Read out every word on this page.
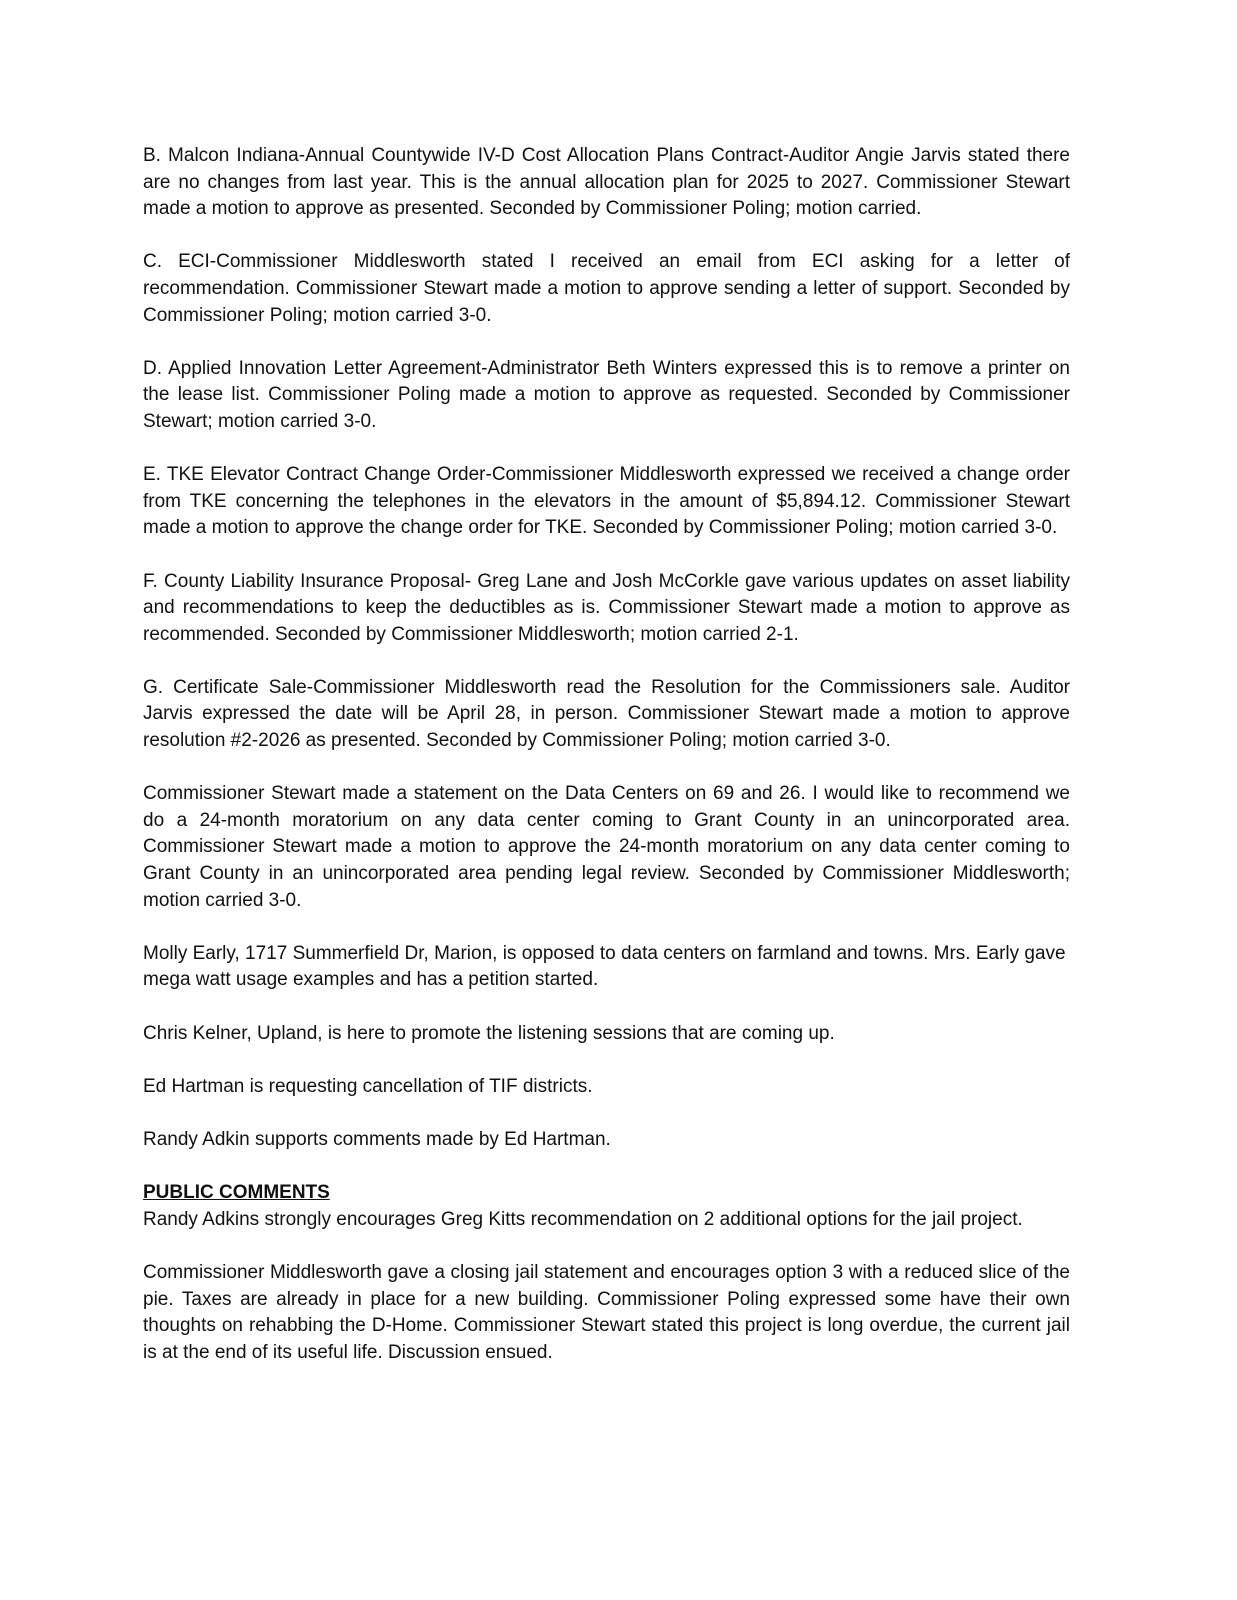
B. Malcon Indiana-Annual Countywide IV-D Cost Allocation Plans Contract-Auditor Angie Jarvis stated there are no changes from last year. This is the annual allocation plan for 2025 to 2027. Commissioner Stewart made a motion to approve as presented. Seconded by Commissioner Poling; motion carried.

C. ECI-Commissioner Middlesworth stated I received an email from ECI asking for a letter of recommendation. Commissioner Stewart made a motion to approve sending a letter of support. Seconded by Commissioner Poling; motion carried 3-0.

D. Applied Innovation Letter Agreement-Administrator Beth Winters expressed this is to remove a printer on the lease list. Commissioner Poling made a motion to approve as requested. Seconded by Commissioner Stewart; motion carried 3-0.

E. TKE Elevator Contract Change Order-Commissioner Middlesworth expressed we received a change order from TKE concerning the telephones in the elevators in the amount of $5,894.12. Commissioner Stewart made a motion to approve the change order for TKE. Seconded by Commissioner Poling; motion carried 3-0.

F. County Liability Insurance Proposal- Greg Lane and Josh McCorkle gave various updates on asset liability and recommendations to keep the deductibles as is. Commissioner Stewart made a motion to approve as recommended. Seconded by Commissioner Middlesworth; motion carried 2-1.

G. Certificate Sale-Commissioner Middlesworth read the Resolution for the Commissioners sale. Auditor Jarvis expressed the date will be April 28, in person. Commissioner Stewart made a motion to approve resolution #2-2026 as presented. Seconded by Commissioner Poling; motion carried 3-0.

Commissioner Stewart made a statement on the Data Centers on 69 and 26. I would like to recommend we do a 24-month moratorium on any data center coming to Grant County in an unincorporated area. Commissioner Stewart made a motion to approve the 24-month moratorium on any data center coming to Grant County in an unincorporated area pending legal review. Seconded by Commissioner Middlesworth; motion carried 3-0.

Molly Early, 1717 Summerfield Dr, Marion, is opposed to data centers on farmland and towns. Mrs. Early gave mega watt usage examples and has a petition started.

Chris Kelner, Upland, is here to promote the listening sessions that are coming up.

Ed Hartman is requesting cancellation of TIF districts.

Randy Adkin supports comments made by Ed Hartman.

PUBLIC COMMENTS

Randy Adkins strongly encourages Greg Kitts recommendation on 2 additional options for the jail project.

Commissioner Middlesworth gave a closing jail statement and encourages option 3 with a reduced slice of the pie. Taxes are already in place for a new building. Commissioner Poling expressed some have their own thoughts on rehabbing the D-Home. Commissioner Stewart stated this project is long overdue, the current jail is at the end of its useful life. Discussion ensued.
